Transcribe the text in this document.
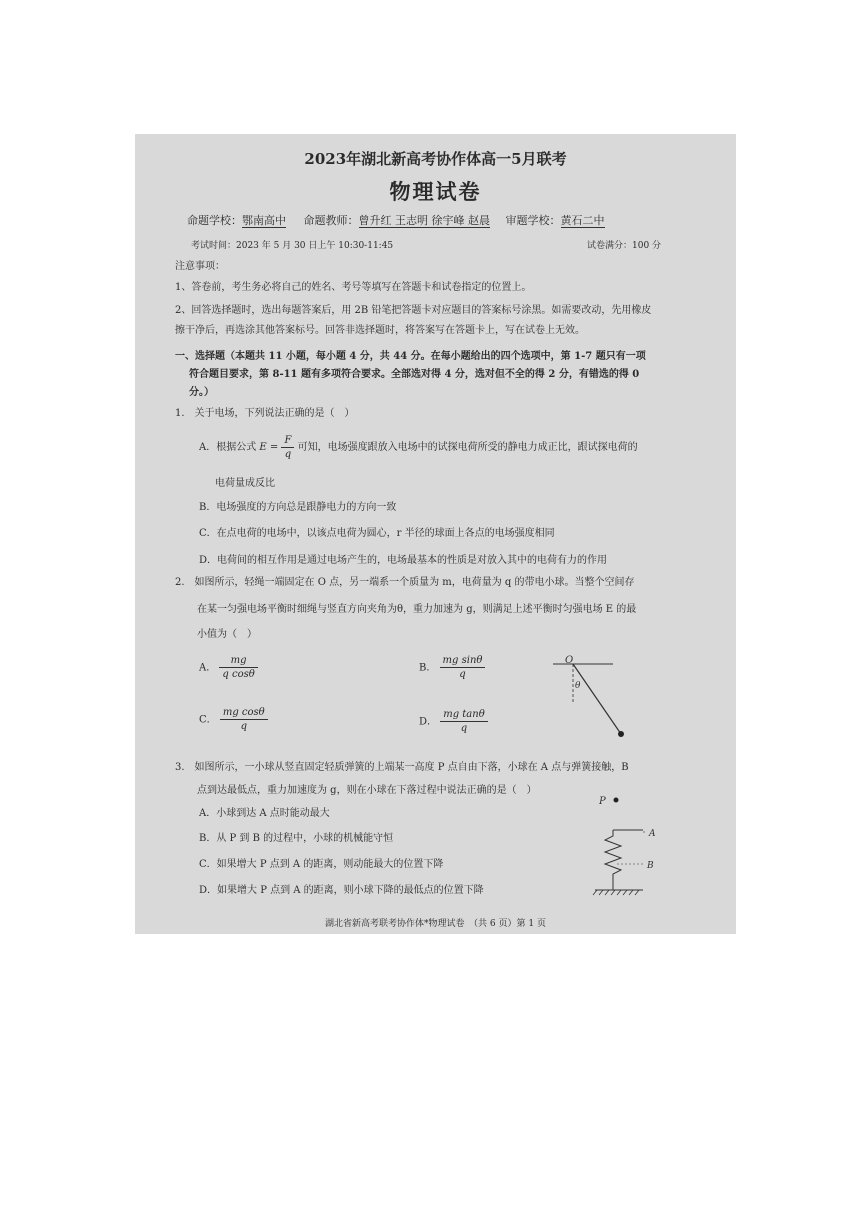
2023年湖北新高考协作体高一5月联考
物理试卷
命题学校：鄂南高中 命题教师：曾升红 王志明 徐宇峰 赵晨 审题学校：黄石二中
考试时间：2023 年 5 月 30 日上午 10:30-11:45	试卷满分：100 分
注意事项：
1、答卷前，考生务必将自己的姓名、考号等填写在答题卡和试卷指定的位置上。
2、回答选择题时，选出每题答案后，用 2B 铅笔把答题卡对应题目的答案标号涂黑。如需要改动，先用橡皮
擦干净后，再选涂其他答案标号。回答非选择题时，将答案写在答题卡上，写在试卷上无效。
一、选择题（本题共 11 小题，每小题 4 分，共 44 分。在每小题给出的四个选项中，第 1-7 题只有一项
符合题目要求，第 8-11 题有多项符合要求。全部选对得 4 分，选对但不全的得 2 分，有错选的得 0
分。）
1.　关于电场，下列说法正确的是（　）
A．根据公式 $E = \frac{F}{q}$ 可知，电场强度跟放入电场中的试探电荷所受的静电力成正比，跟试探电荷的
电荷量成反比
B．电场强度的方向总是跟静电力的方向一致
C．在点电荷的电场中，以该点电荷为圆心，r 半径的球面上各点的电场强度相同
D．电荷间的相互作用是通过电场产生的，电场最基本的性质是对放入其中的电荷有力的作用
2.　如图所示，轻绳一端固定在 O 点，另一端系一个质量为 m，电荷量为 q 的带电小球。当整个空间存
在某一匀强电场平衡时细绳与竖直方向夹角为θ，重力加速为 g，则满足上述平衡时匀强电场 E 的最
小值为（　）
A． $\frac{mg}{\text{q cosθ}}$	B． $\frac{\text{mg sinθ}}{q}$
C． $\frac{\text{mg cosθ}}{q}$	D． $\frac{\text{mg tanθ}}{q}$
O
θ
3.　如图所示，一小球从竖直固定轻质弹簧的上端某一高度 P 点自由下落，小球在 A 点与弹簧接触，B
点到达最低点，重力加速度为 g，则在小球在下落过程中说法正确的是（　）
A．小球到达 A 点时能动最大
B．从 P 到 B 的过程中，小球的机械能守恒
C．如果增大 P 点到 A 的距离，则动能最大的位置下降
D．如果增大 P 点到 A 的距离，则小球下降的最低点的位置下降
P
A
B
湖北省新高考联考协作体*物理试卷　（共 6 页）第 1 页
